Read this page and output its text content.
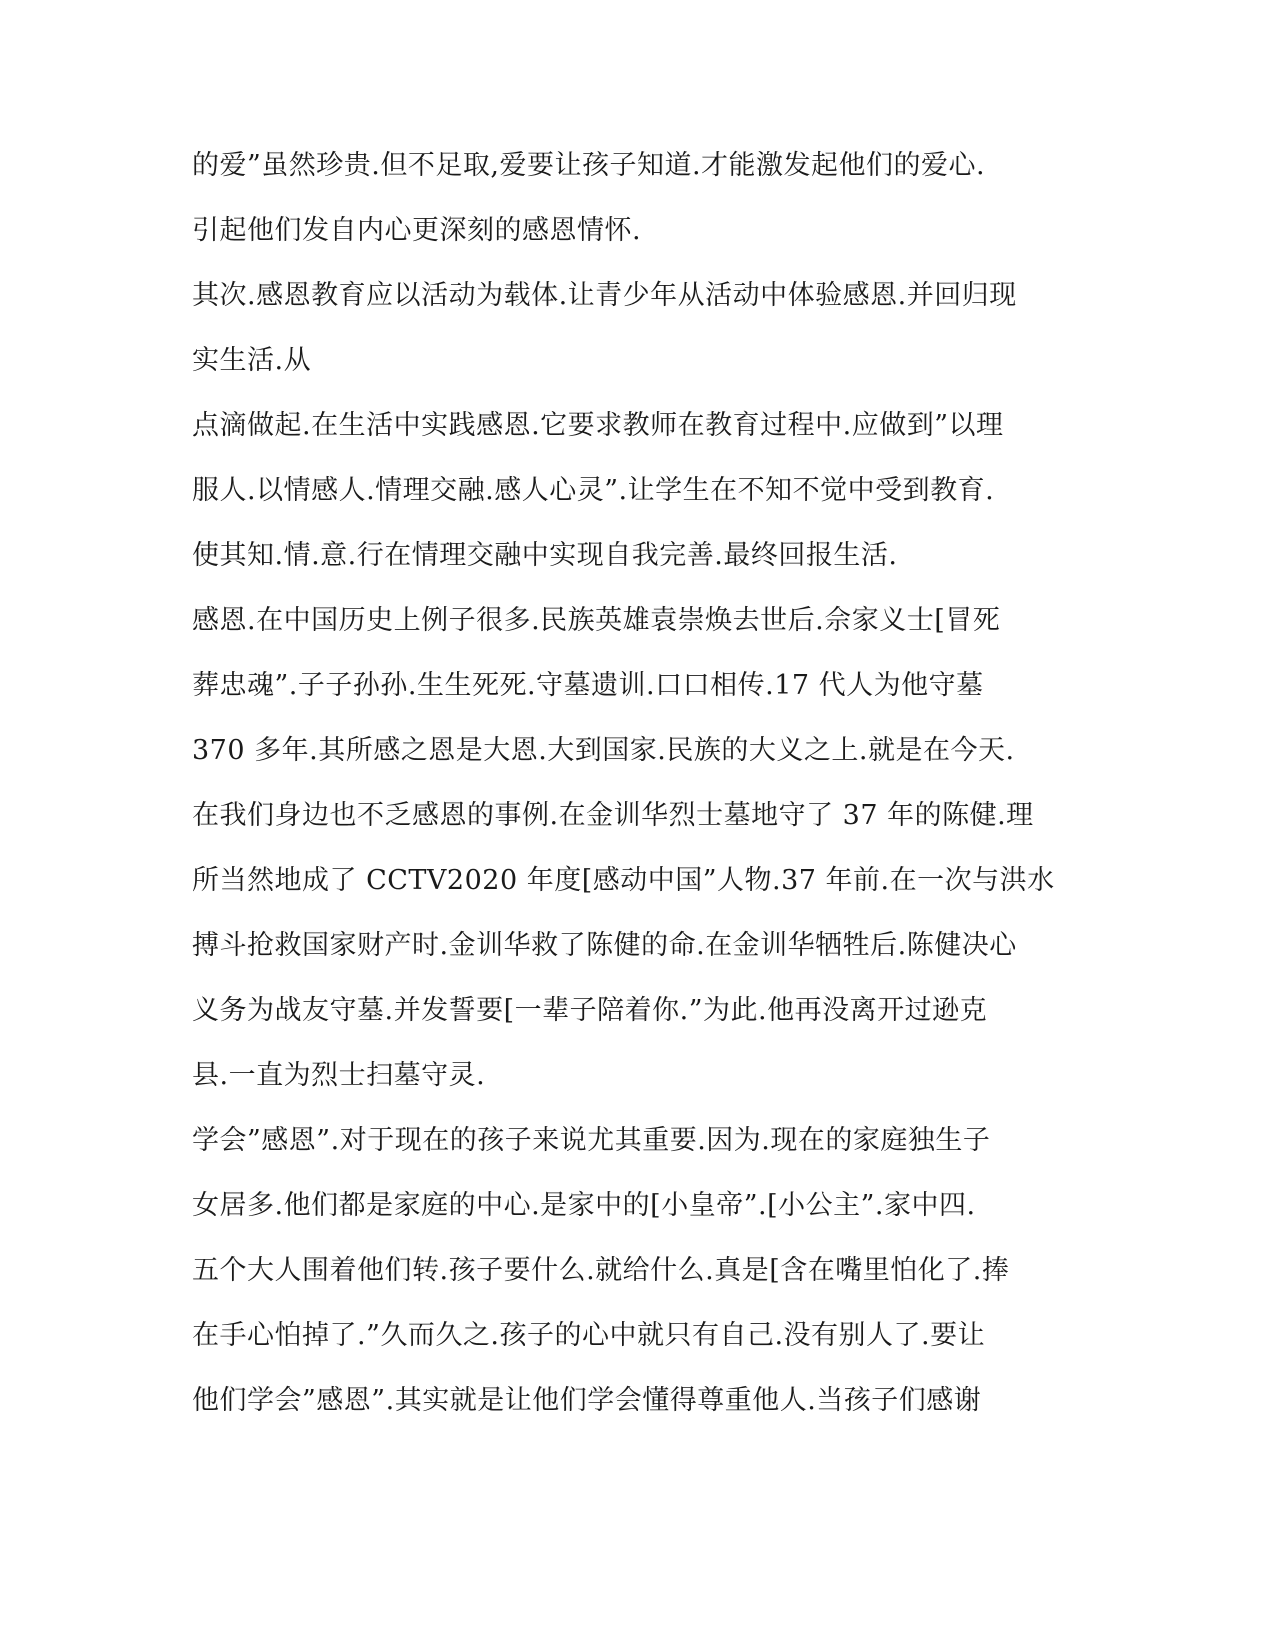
的爱”虽然珍贵.但不足取,爱要让孩子知道.才能激发起他们的爱心.
引起他们发自内心更深刻的感恩情怀.
其次.感恩教育应以活动为载体.让青少年从活动中体验感恩.并回归现
实生活.从
点滴做起.在生活中实践感恩.它要求教师在教育过程中.应做到”以理
服人.以情感人.情理交融.感人心灵”.让学生在不知不觉中受到教育.
使其知.情.意.行在情理交融中实现自我完善.最终回报生活.
感恩.在中国历史上例子很多.民族英雄袁崇焕去世后.佘家义士[冒死
葬忠魂”.子子孙孙.生生死死.守墓遗训.口口相传.17 代人为他守墓
370 多年.其所感之恩是大恩.大到国家.民族的大义之上.就是在今天.
在我们身边也不乏感恩的事例.在金训华烈士墓地守了 37 年的陈健.理
所当然地成了 CCTV2020 年度[感动中国”人物.37 年前.在一次与洪水
搏斗抢救国家财产时.金训华救了陈健的命.在金训华牺牲后.陈健决心
义务为战友守墓.并发誓要[一辈子陪着你.”为此.他再没离开过逊克
县.一直为烈士扫墓守灵.
学会”感恩”.对于现在的孩子来说尤其重要.因为.现在的家庭独生子
女居多.他们都是家庭的中心.是家中的[小皇帝”.[小公主”.家中四.
五个大人围着他们转.孩子要什么.就给什么.真是[含在嘴里怕化了.捧
在手心怕掉了.”久而久之.孩子的心中就只有自己.没有别人了.要让
他们学会”感恩”.其实就是让他们学会懂得尊重他人.当孩子们感谢
